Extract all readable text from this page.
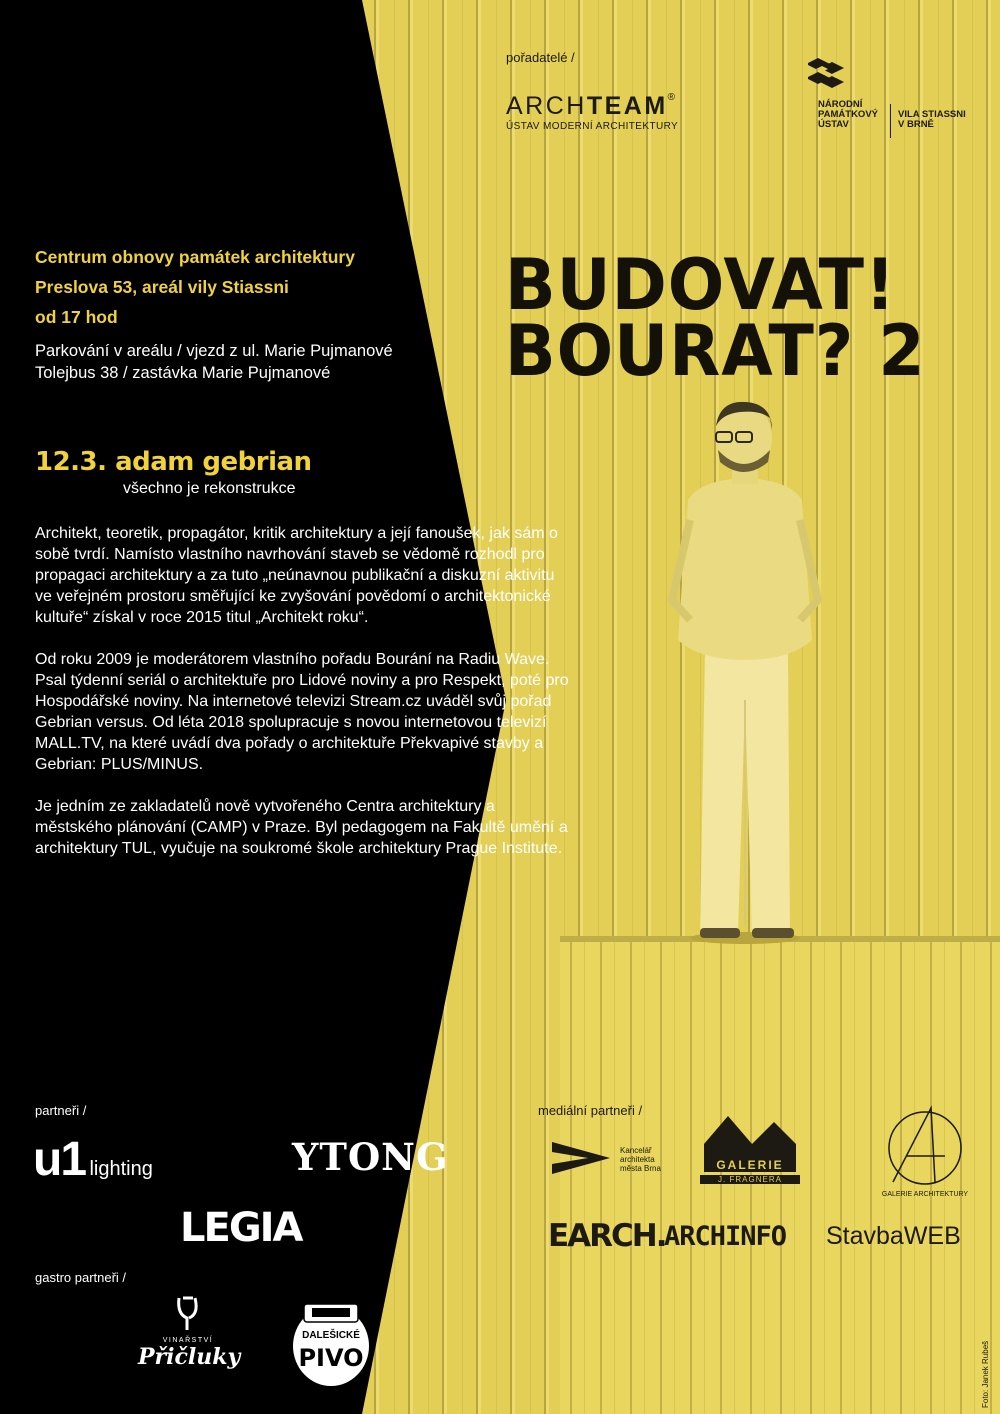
pořadatelé /
ARCHTEAM®
ÚSTAV MODERNÍ ARCHITEKTURY
NÁRODNÍ
PAMÁTKOVÝ
ÚSTAV
VILA STIASSNI
V BRNĚ
BUDOVAT!
BOURAT? 2
Centrum obnovy památek architektury
Preslova 53, areál vily Stiassni
od 17 hod
Parkování v areálu / vjezd z ul. Marie Pujmanové
Tolejbus 38 / zastávka Marie Pujmanové
12.3. adam gebrian
všechno je rekonstrukce

Architekt, teoretik, propagátor, kritik architektury a její fanoušek, jak sám o sobě tvrdí. Namísto vlastního navrhování staveb se vědomě rozhodl pro propagaci architektury a za tuto „neúnavnou publikační a diskuzní aktivitu ve veřejném prostoru směřující ke zvyšování povědomí o architektonické kultuře“ získal v roce 2015 titul „Architekt roku“.

Od roku 2009 je moderátorem vlastního pořadu Bourání na Radiu Wave. Psal týdenní seriál o architektuře pro Lidové noviny a pro Respekt, poté pro Hospodářské noviny. Na internetové televizi Stream.cz uváděl svůj pořad Gebrian versus. Od léta 2018 spolupracuje s novou internetovou televizí MALL.TV, na které uvádí dva pořady o architektuře Překvapivé stavby a Gebrian: PLUS/MINUS.

Je jedním ze zakladatelů nově vytvořeného Centra architektury a městského plánování (CAMP) v Praze. Byl pedagogem na Fakultě umění a architektury TUL, vyučuje na soukromé škole architektury Prague Institute.

partneři /
u1 lighting	YTONG
LEGIA
gastro partneři /
VINAŘSTVÍ
Přičluky
DALEŠICKÉ
PIVO
mediální partneři /
Kancelář
architekta
města Brna	GALERIE
J. FRAGNERA
GALERIE ARCHITEKTURY
EARCH.
ARCHINFO StavbaWEB
Foto: Janek Rubeš
